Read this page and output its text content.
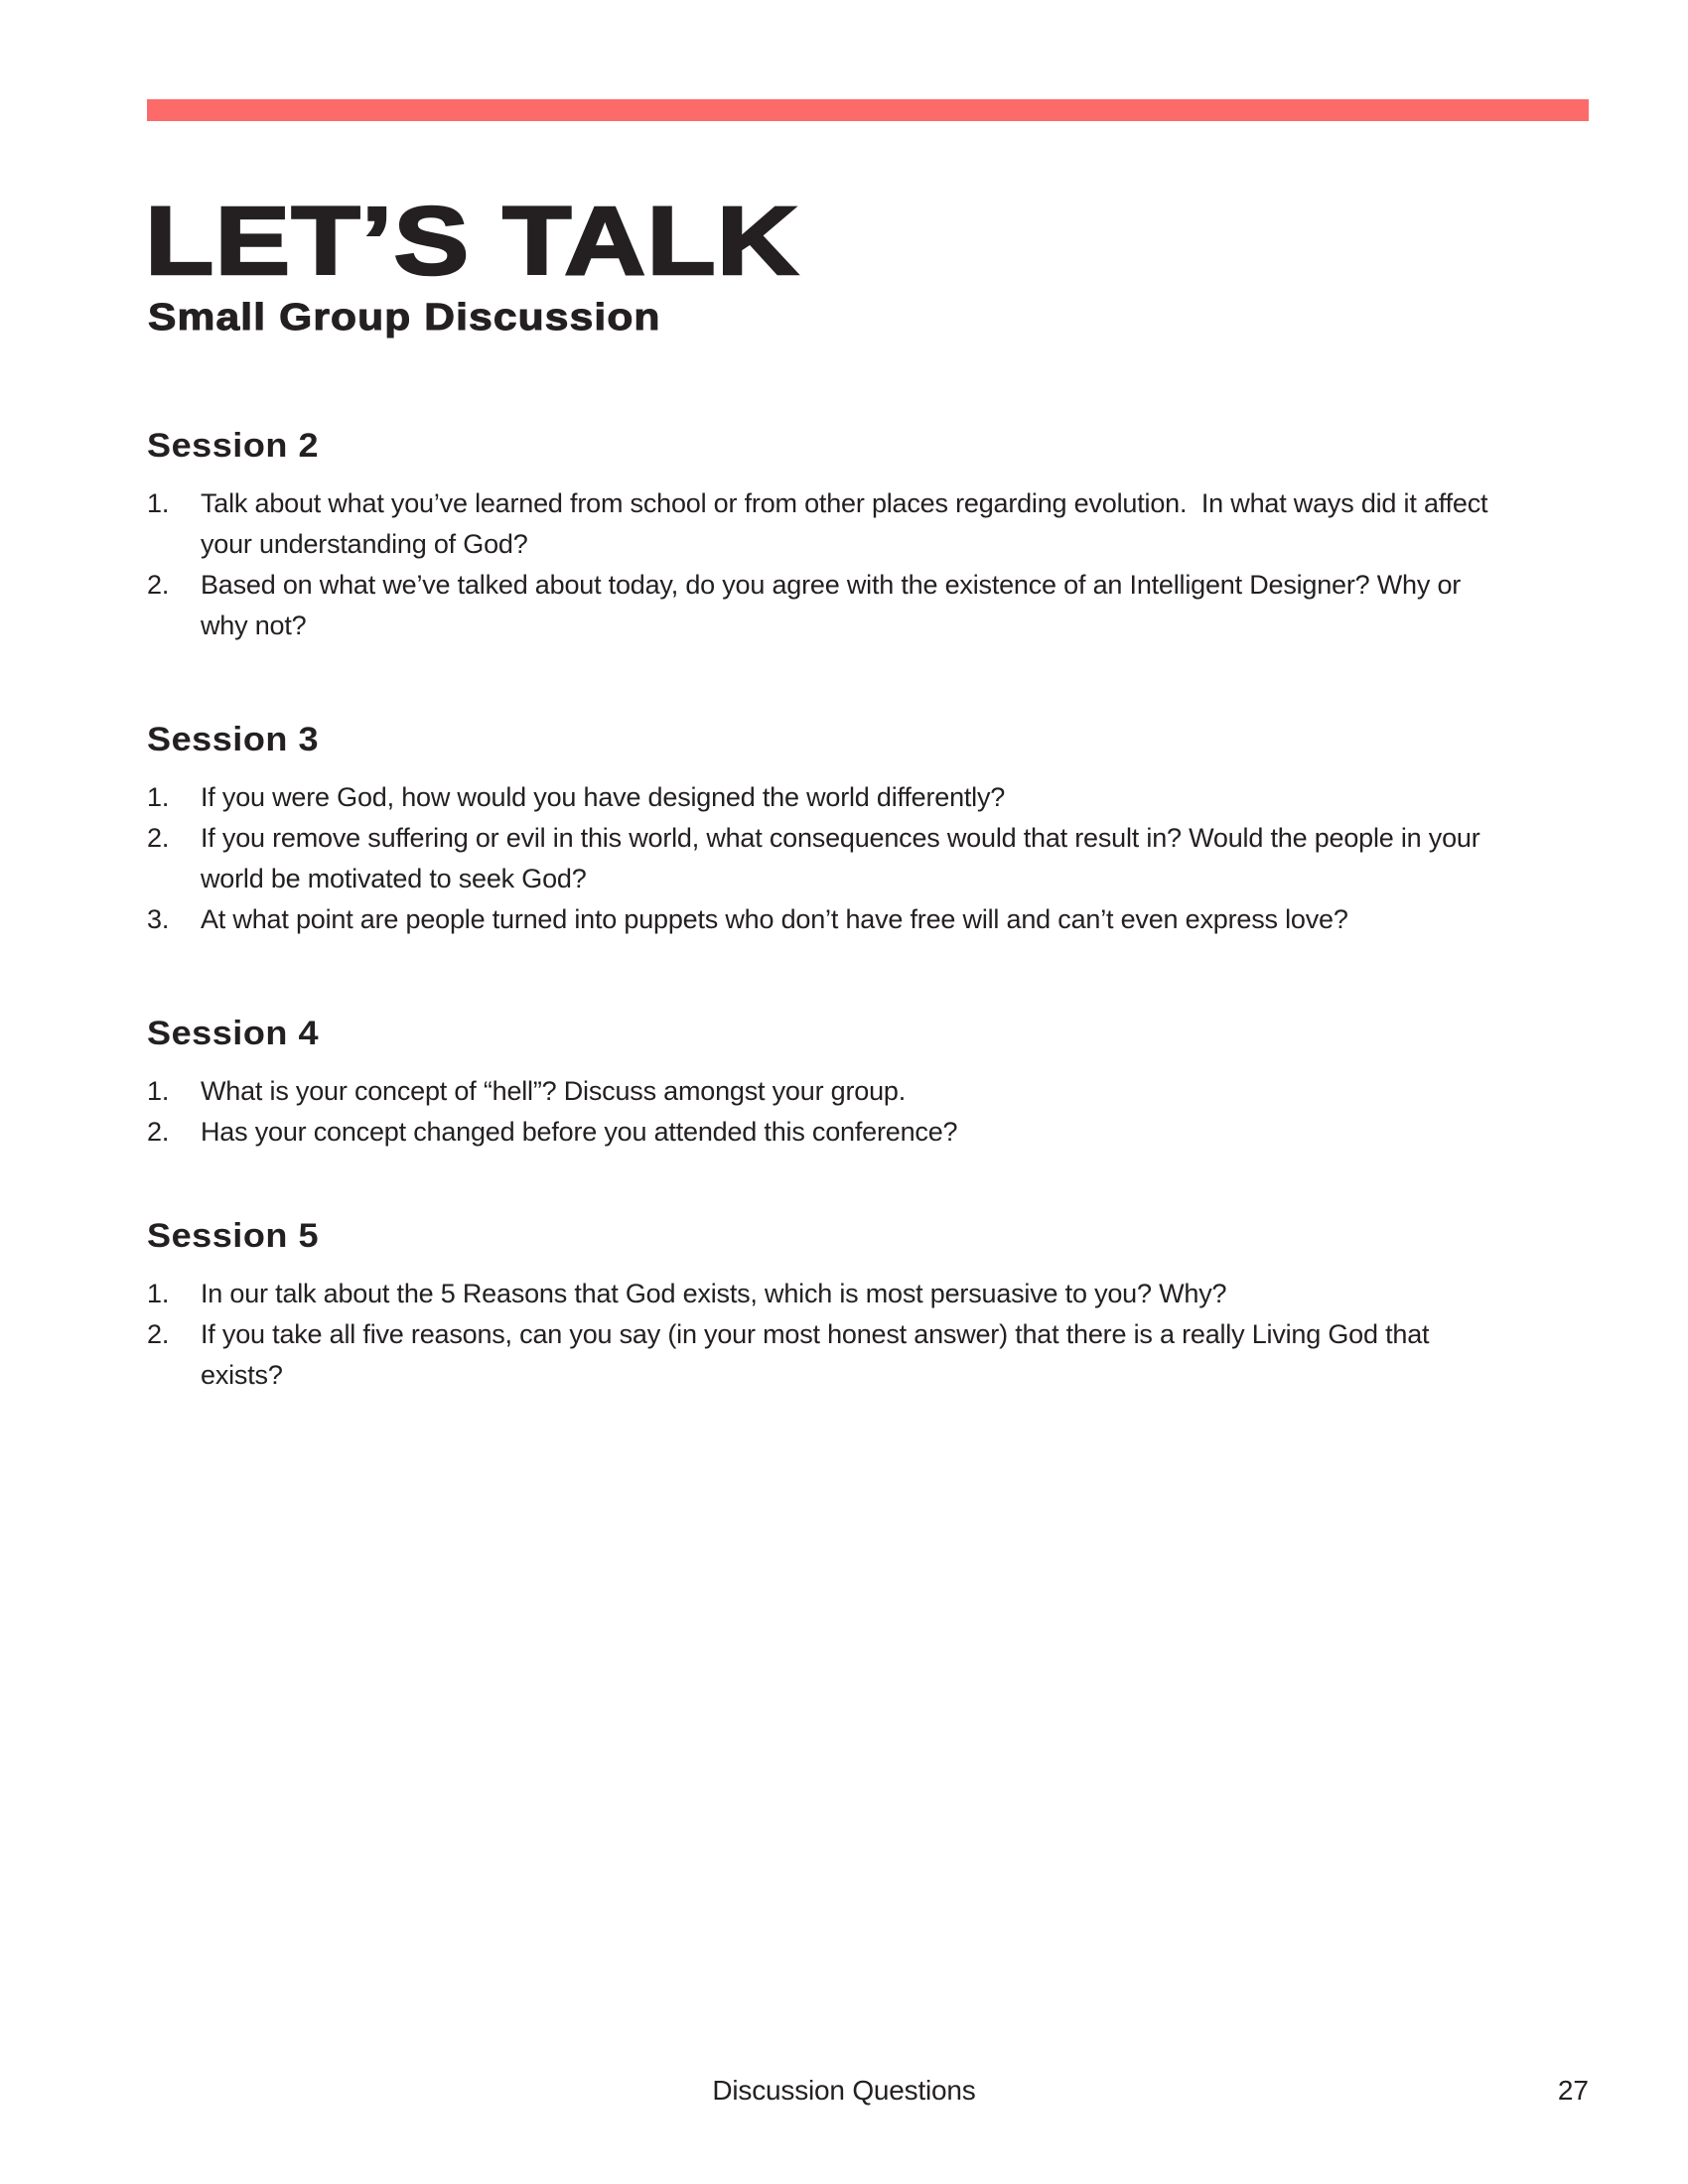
LET’S TALK
Small Group Discussion
Session 2
1.	Talk about what you’ve learned from school or from other places regarding evolution.  In what ways did it affect your understanding of God?
2.	Based on what we’ve talked about today, do you agree with the existence of an Intelligent Designer? Why or why not?
Session 3
1.	If you were God, how would you have designed the world differently?
2.	If you remove suffering or evil in this world, what consequences would that result in? Would the people in your world be motivated to seek God?
3.	At what point are people turned into puppets who don’t have free will and can’t even express love?
Session 4
1.	What is your concept of “hell”? Discuss amongst your group.
2.	Has your concept changed before you attended this conference?
Session 5
1.	In our talk about the 5 Reasons that God exists, which is most persuasive to you? Why?
2.	If you take all five reasons, can you say (in your most honest answer) that there is a really Living God that exists?
Discussion Questions	27
